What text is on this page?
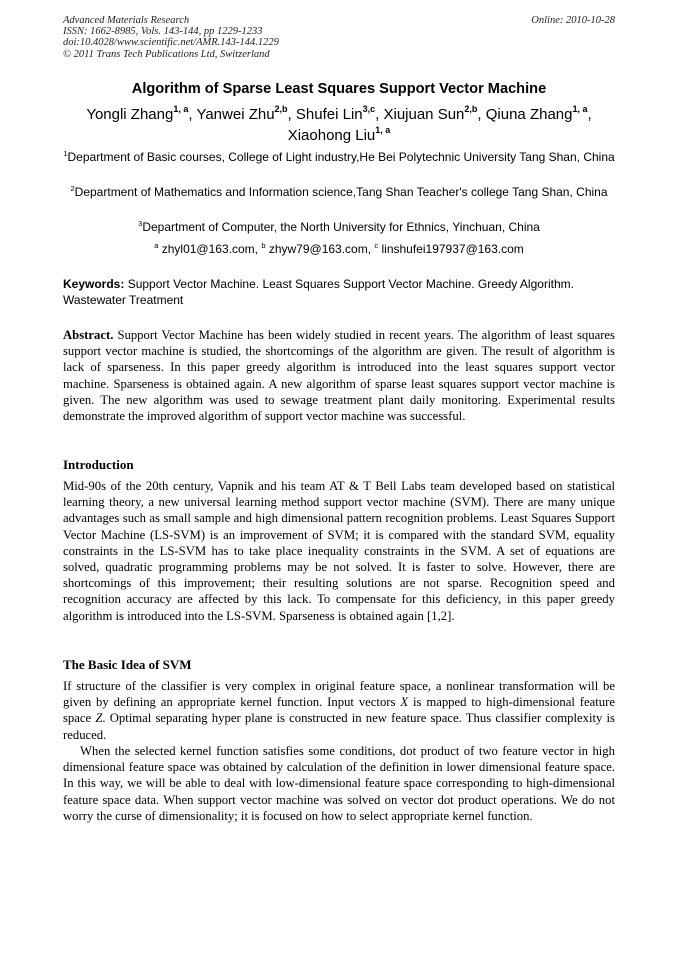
Advanced Materials Research
ISSN: 1662-8985, Vols. 143-144, pp 1229-1233
doi:10.4028/www.scientific.net/AMR.143-144.1229
© 2011 Trans Tech Publications Ltd, Switzerland
Online: 2010-10-28
Algorithm of Sparse Least Squares Support Vector Machine
Yongli Zhang$^{1, a}$, Yanwei Zhu$^{2,b}$, Shufei Lin$^{3,c}$, Xiujuan Sun$^{2,b}$, Qiuna Zhang$^{1, a}$,
Xiaohong Liu$^{1, a}$
$^1$Department of Basic courses, College of Light industry,He Bei Polytechnic University Tang Shan, China
$^2$Department of Mathematics and Information science,Tang Shan Teacher's college Tang Shan, China
$^3$Department of Computer, the North University for Ethnics, Yinchuan, China
$^a$ zhyl01@163.com, $^b$ zhyw79@163.com, $^c$ linshufei197937@163.com
Keywords: Support Vector Machine. Least Squares Support Vector Machine. Greedy Algorithm. Wastewater Treatment
Abstract. Support Vector Machine has been widely studied in recent years. The algorithm of least squares support vector machine is studied, the shortcomings of the algorithm are given. The result of algorithm is lack of sparseness. In this paper greedy algorithm is introduced into the least squares support vector machine. Sparseness is obtained again. A new algorithm of sparse least squares support vector machine is given. The new algorithm was used to sewage treatment plant daily monitoring. Experimental results demonstrate the improved algorithm of support vector machine was successful.
Introduction
Mid-90s of the 20th century, Vapnik and his team AT & T Bell Labs team developed based on statistical learning theory, a new universal learning method support vector machine (SVM). There are many unique advantages such as small sample and high dimensional pattern recognition problems. Least Squares Support Vector Machine (LS-SVM) is an improvement of SVM; it is compared with the standard SVM, equality constraints in the LS-SVM has to take place inequality constraints in the SVM. A set of equations are solved, quadratic programming problems may be not solved. It is faster to solve. However, there are shortcomings of this improvement; their resulting solutions are not sparse. Recognition speed and recognition accuracy are affected by this lack. To compensate for this deficiency, in this paper greedy algorithm is introduced into the LS-SVM. Sparseness is obtained again [1,2].
The Basic Idea of SVM
If structure of the classifier is very complex in original feature space, a nonlinear transformation will be given by defining an appropriate kernel function. Input vectors X is mapped to high-dimensional feature space Z. Optimal separating hyper plane is constructed in new feature space. Thus classifier complexity is reduced.
When the selected kernel function satisfies some conditions, dot product of two feature vector in high dimensional feature space was obtained by calculation of the definition in lower dimensional feature space. In this way, we will be able to deal with low-dimensional feature space corresponding to high-dimensional feature space data. When support vector machine was solved on vector dot product operations. We do not worry the curse of dimensionality; it is focused on how to select appropriate kernel function.
